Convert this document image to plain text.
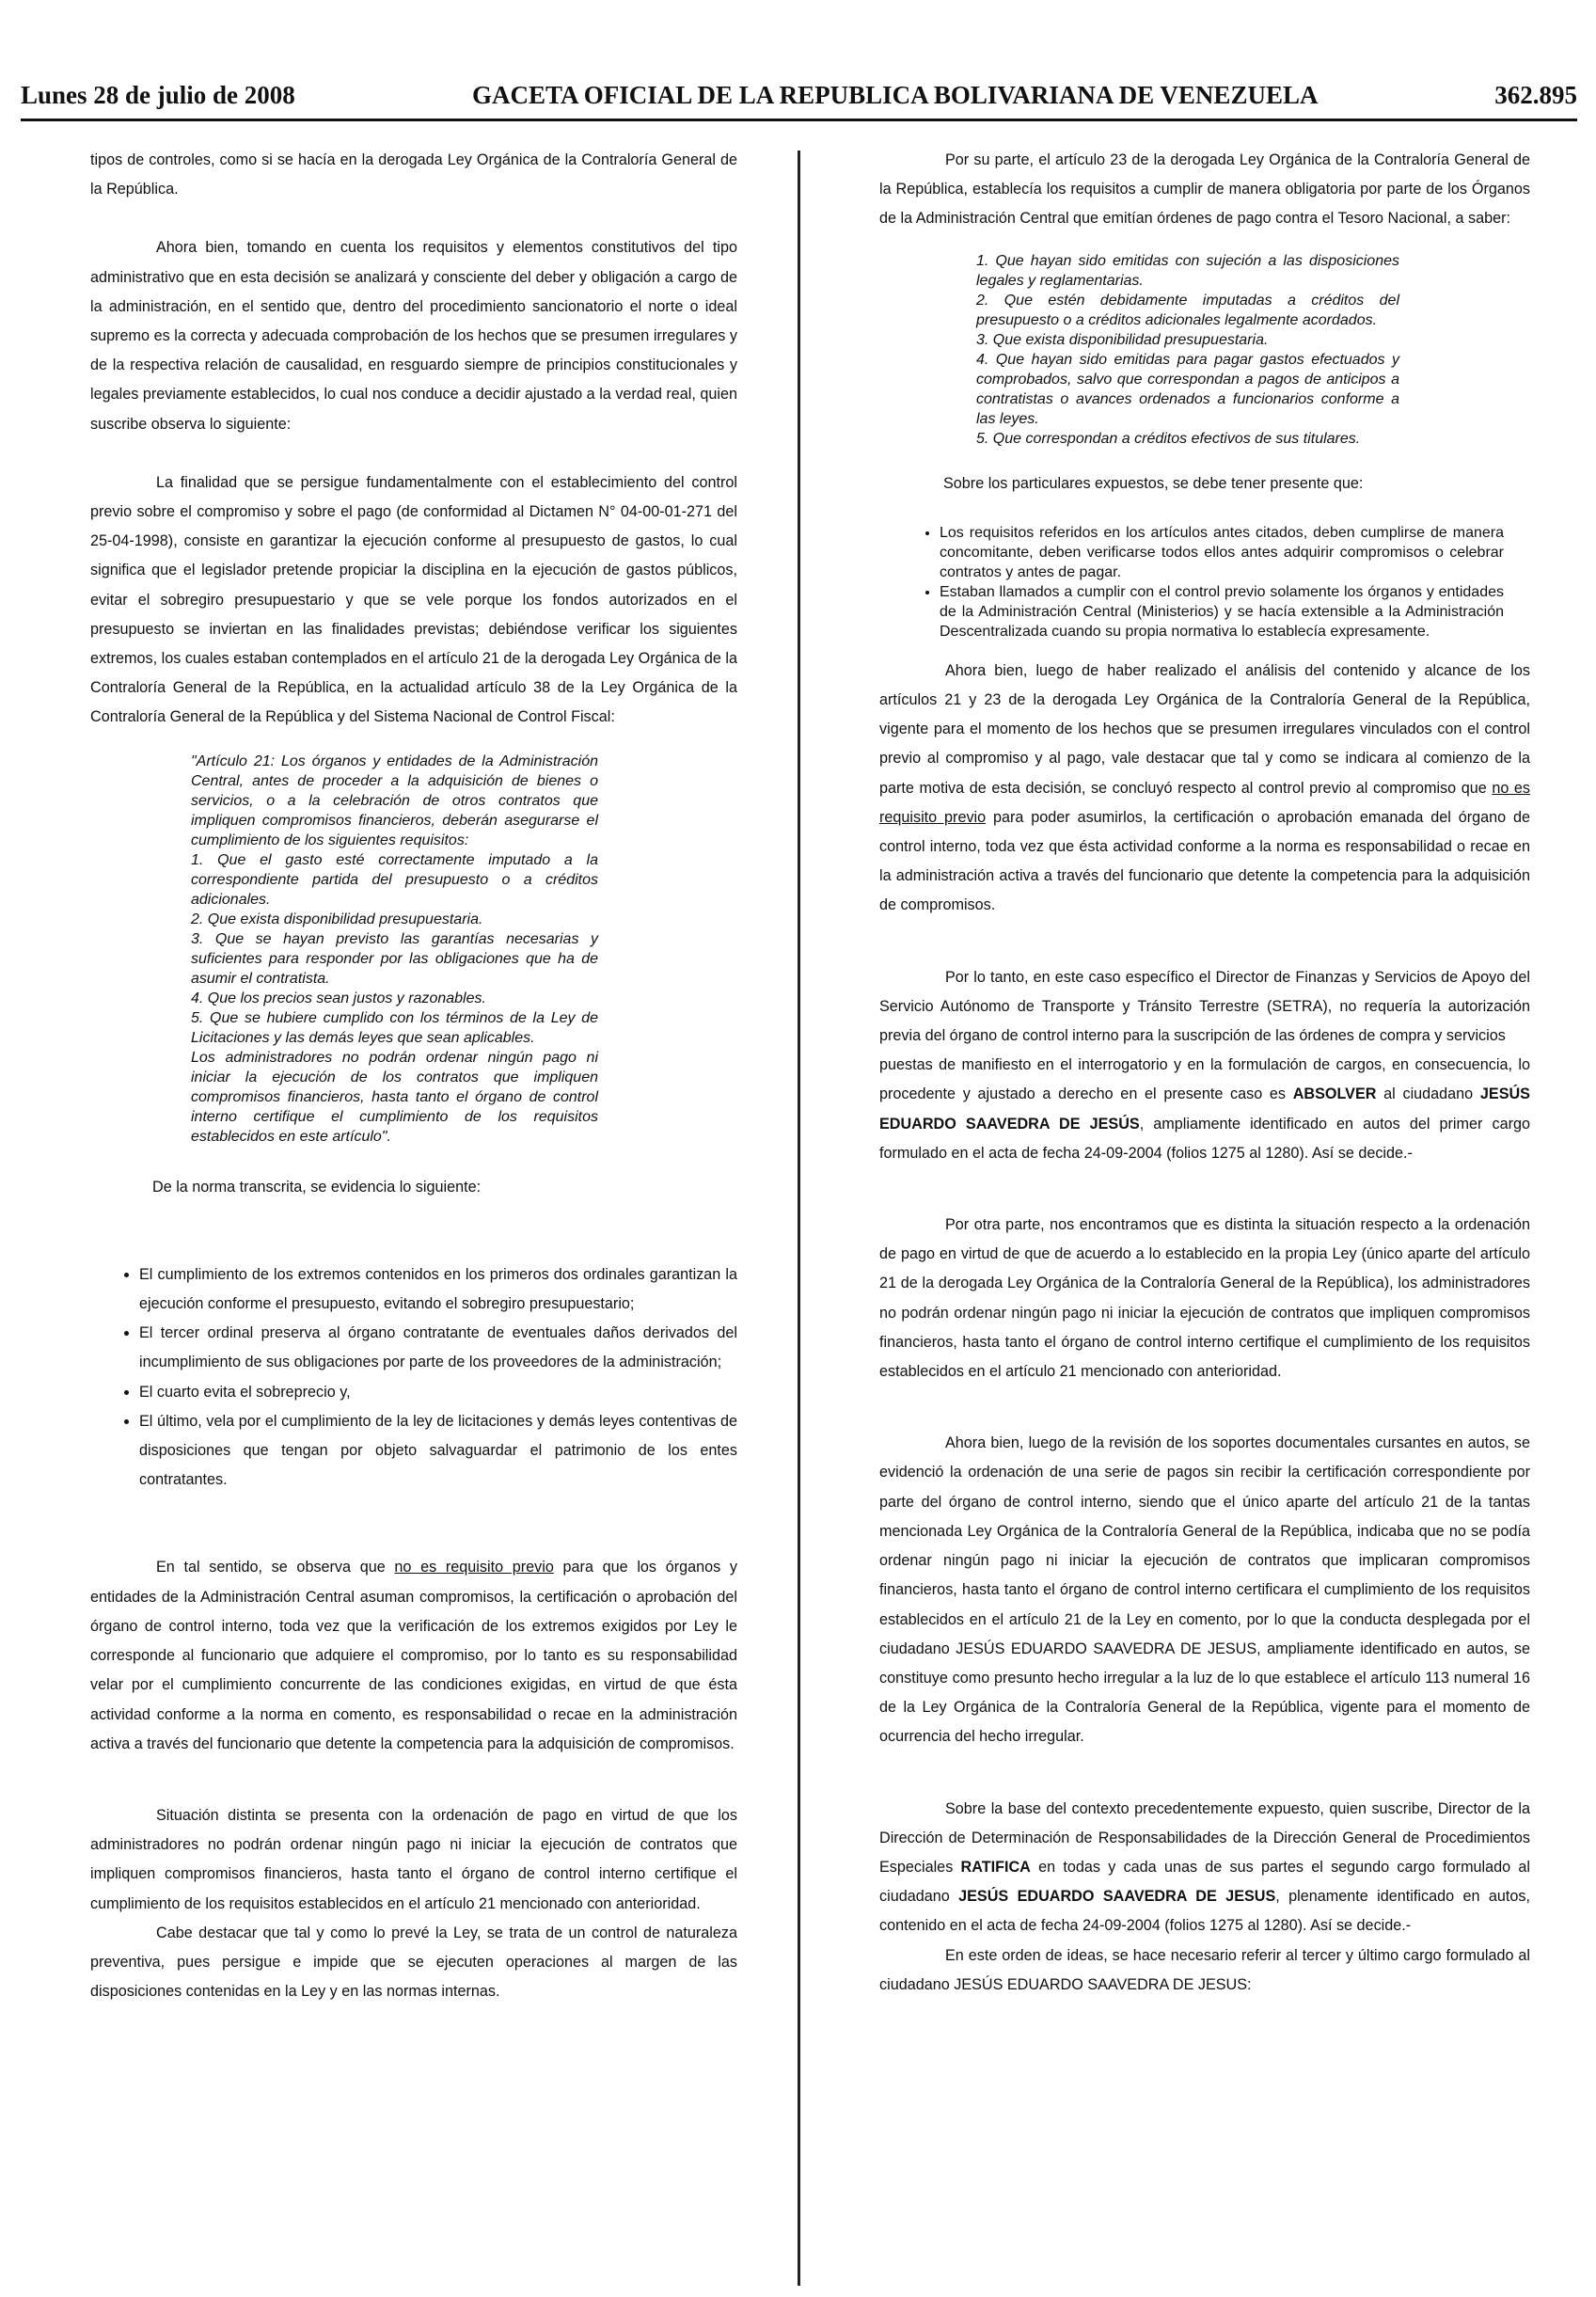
Lunes 28 de julio de 2008	GACETA OFICIAL DE LA REPUBLICA BOLIVARIANA DE VENEZUELA	362.895

tipos de controles, como si se hacía en la derogada Ley Orgánica de la Contraloría General de la República.

Ahora bien, tomando en cuenta los requisitos y elementos constitutivos del tipo administrativo que en esta decisión se analizará y consciente del deber y obligación a cargo de la administración, en el sentido que, dentro del procedimiento sancionatorio el norte o ideal supremo es la correcta y adecuada comprobación de los hechos que se presumen irregulares y de la respectiva relación de causalidad, en resguardo siempre de principios constitucionales y legales previamente establecidos, lo cual nos conduce a decidir ajustado a la verdad real, quien suscribe observa lo siguiente:

La finalidad que se persigue fundamentalmente con el establecimiento del control previo sobre el compromiso y sobre el pago (de conformidad al Dictamen N° 04-00-01-271 del 25-04-1998), consiste en garantizar la ejecución conforme al presupuesto de gastos, lo cual significa que el legislador pretende propiciar la disciplina en la ejecución de gastos públicos, evitar el sobregiro presupuestario y que se vele porque los fondos autorizados en el presupuesto se inviertan en las finalidades previstas; debiéndose verificar los siguientes extremos, los cuales estaban contemplados en el artículo 21 de la derogada Ley Orgánica de la Contraloría General de la República, en la actualidad artículo 38 de la Ley Orgánica de la Contraloría General de la República y del Sistema Nacional de Control Fiscal:

"Artículo 21: Los órganos y entidades de la Administración Central, antes de proceder a la adquisición de bienes o servicios, o a la celebración de otros contratos que impliquen compromisos financieros, deberán asegurarse el cumplimiento de los siguientes requisitos:

1. Que el gasto esté correctamente imputado a la correspondiente partida del presupuesto o a créditos adicionales.

2. Que exista disponibilidad presupuestaria.

3. Que se hayan previsto las garantías necesarias y suficientes para responder por las obligaciones que ha de asumir el contratista.

4. Que los precios sean justos y razonables.

5. Que se hubiere cumplido con los términos de la Ley de Licitaciones y las demás leyes que sean aplicables.

Los administradores no podrán ordenar ningún pago ni iniciar la ejecución de los contratos que impliquen compromisos financieros, hasta tanto el órgano de control interno certifique el cumplimiento de los requisitos establecidos en este artículo".

De la norma transcrita, se evidencia lo siguiente:

• El cumplimiento de los extremos contenidos en los primeros dos ordinales garantizan la ejecución conforme el presupuesto, evitando el sobregiro presupuestario;
• El tercer ordinal preserva al órgano contratante de eventuales daños derivados del incumplimiento de sus obligaciones por parte de los proveedores de la administración;
• El cuarto evita el sobreprecio y,
• El último, vela por el cumplimiento de la ley de licitaciones y demás leyes contentivas de disposiciones que tengan por objeto salvaguardar el patrimonio de los entes contratantes.

En tal sentido, se observa que no es requisito previo para que los órganos y entidades de la Administración Central asuman compromisos, la certificación o aprobación del órgano de control interno, toda vez que la verificación de los extremos exigidos por Ley le corresponde al funcionario que adquiere el compromiso, por lo tanto es su responsabilidad velar por el cumplimiento concurrente de las condiciones exigidas, en virtud de que ésta actividad conforme a la norma en comento, es responsabilidad o recae en la administración activa a través del funcionario que detente la competencia para la adquisición de compromisos.

Situación distinta se presenta con la ordenación de pago en virtud de que los administradores no podrán ordenar ningún pago ni iniciar la ejecución de contratos que impliquen compromisos financieros, hasta tanto el órgano de control interno certifique el cumplimiento de los requisitos establecidos en el artículo 21 mencionado con anterioridad.

Cabe destacar que tal y como lo prevé la Ley, se trata de un control de naturaleza preventiva, pues persigue e impide que se ejecuten operaciones al margen de las disposiciones contenidas en la Ley y en las normas internas.

Por su parte, el artículo 23 de la derogada Ley Orgánica de la Contraloría General de la República, establecía los requisitos a cumplir de manera obligatoria por parte de los Órganos de la Administración Central que emitían órdenes de pago contra el Tesoro Nacional, a saber:

1. Que hayan sido emitidas con sujeción a las disposiciones legales y reglamentarias.

2. Que estén debidamente imputadas a créditos del presupuesto o a créditos adicionales legalmente acordados.

3. Que exista disponibilidad presupuestaria.

4. Que hayan sido emitidas para pagar gastos efectuados y comprobados, salvo que correspondan a pagos de anticipos a contratistas o avances ordenados a funcionarios conforme a las leyes.

5. Que correspondan a créditos efectivos de sus titulares.

Sobre los particulares expuestos, se debe tener presente que:

• Los requisitos referidos en los artículos antes citados, deben cumplirse de manera concomitante, deben verificarse todos ellos antes adquirir compromisos o celebrar contratos y antes de pagar.
• Estaban llamados a cumplir con el control previo solamente los órganos y entidades de la Administración Central (Ministerios) y se hacía extensible a la Administración Descentralizada cuando su propia normativa lo establecía expresamente.

Ahora bien, luego de haber realizado el análisis del contenido y alcance de los artículos 21 y 23 de la derogada Ley Orgánica de la Contraloría General de la República, vigente para el momento de los hechos que se presumen irregulares vinculados con el control previo al compromiso y al pago, vale destacar que tal y como se indicara al comienzo de la parte motiva de esta decisión, se concluyó respecto al control previo al compromiso que no es requisito previo para poder asumirlos, la certificación o aprobación emanada del órgano de control interno, toda vez que ésta actividad conforme a la norma es responsabilidad o recae en la administración activa a través del funcionario que detente la competencia para la adquisición de compromisos.

Por lo tanto, en este caso específico el Director de Finanzas y Servicios de Apoyo del Servicio Autónomo de Transporte y Tránsito Terrestre (SETRA), no requería la autorización previa del órgano de control interno para la suscripción de las órdenes de compra y servicios

puestas de manifiesto en el interrogatorio y en la formulación de cargos, en consecuencia, lo procedente y ajustado a derecho en el presente caso es ABSOLVER al ciudadano JESÚS EDUARDO SAAVEDRA DE JESÚS, ampliamente identificado en autos del primer cargo formulado en el acta de fecha 24-09-2004 (folios 1275 al 1280). Así se decide.-

Por otra parte, nos encontramos que es distinta la situación respecto a la ordenación de pago en virtud de que de acuerdo a lo establecido en la propia Ley (único aparte del artículo 21 de la derogada Ley Orgánica de la Contraloría General de la República), los administradores no podrán ordenar ningún pago ni iniciar la ejecución de contratos que impliquen compromisos financieros, hasta tanto el órgano de control interno certifique el cumplimiento de los requisitos establecidos en el artículo 21 mencionado con anterioridad.

Ahora bien, luego de la revisión de los soportes documentales cursantes en autos, se evidenció la ordenación de una serie de pagos sin recibir la certificación correspondiente por parte del órgano de control interno, siendo que el único aparte del artículo 21 de la tantas mencionada Ley Orgánica de la Contraloría General de la República, indicaba que no se podía ordenar ningún pago ni iniciar la ejecución de contratos que implicaran compromisos financieros, hasta tanto el órgano de control interno certificara el cumplimiento de los requisitos establecidos en el artículo 21 de la Ley en comento, por lo que la conducta desplegada por el ciudadano JESÚS EDUARDO SAAVEDRA DE JESUS, ampliamente identificado en autos, se constituye como presunto hecho irregular a la luz de lo que establece el artículo 113 numeral 16 de la Ley Orgánica de la Contraloría General de la República, vigente para el momento de ocurrencia del hecho irregular.

Sobre la base del contexto precedentemente expuesto, quien suscribe, Director de la Dirección de Determinación de Responsabilidades de la Dirección General de Procedimientos Especiales RATIFICA en todas y cada unas de sus partes el segundo cargo formulado al ciudadano JESÚS EDUARDO SAAVEDRA DE JESUS, plenamente identificado en autos, contenido en el acta de fecha 24-09-2004 (folios 1275 al 1280). Así se decide.-

En este orden de ideas, se hace necesario referir al tercer y último cargo formulado al ciudadano JESÚS EDUARDO SAAVEDRA DE JESUS:
